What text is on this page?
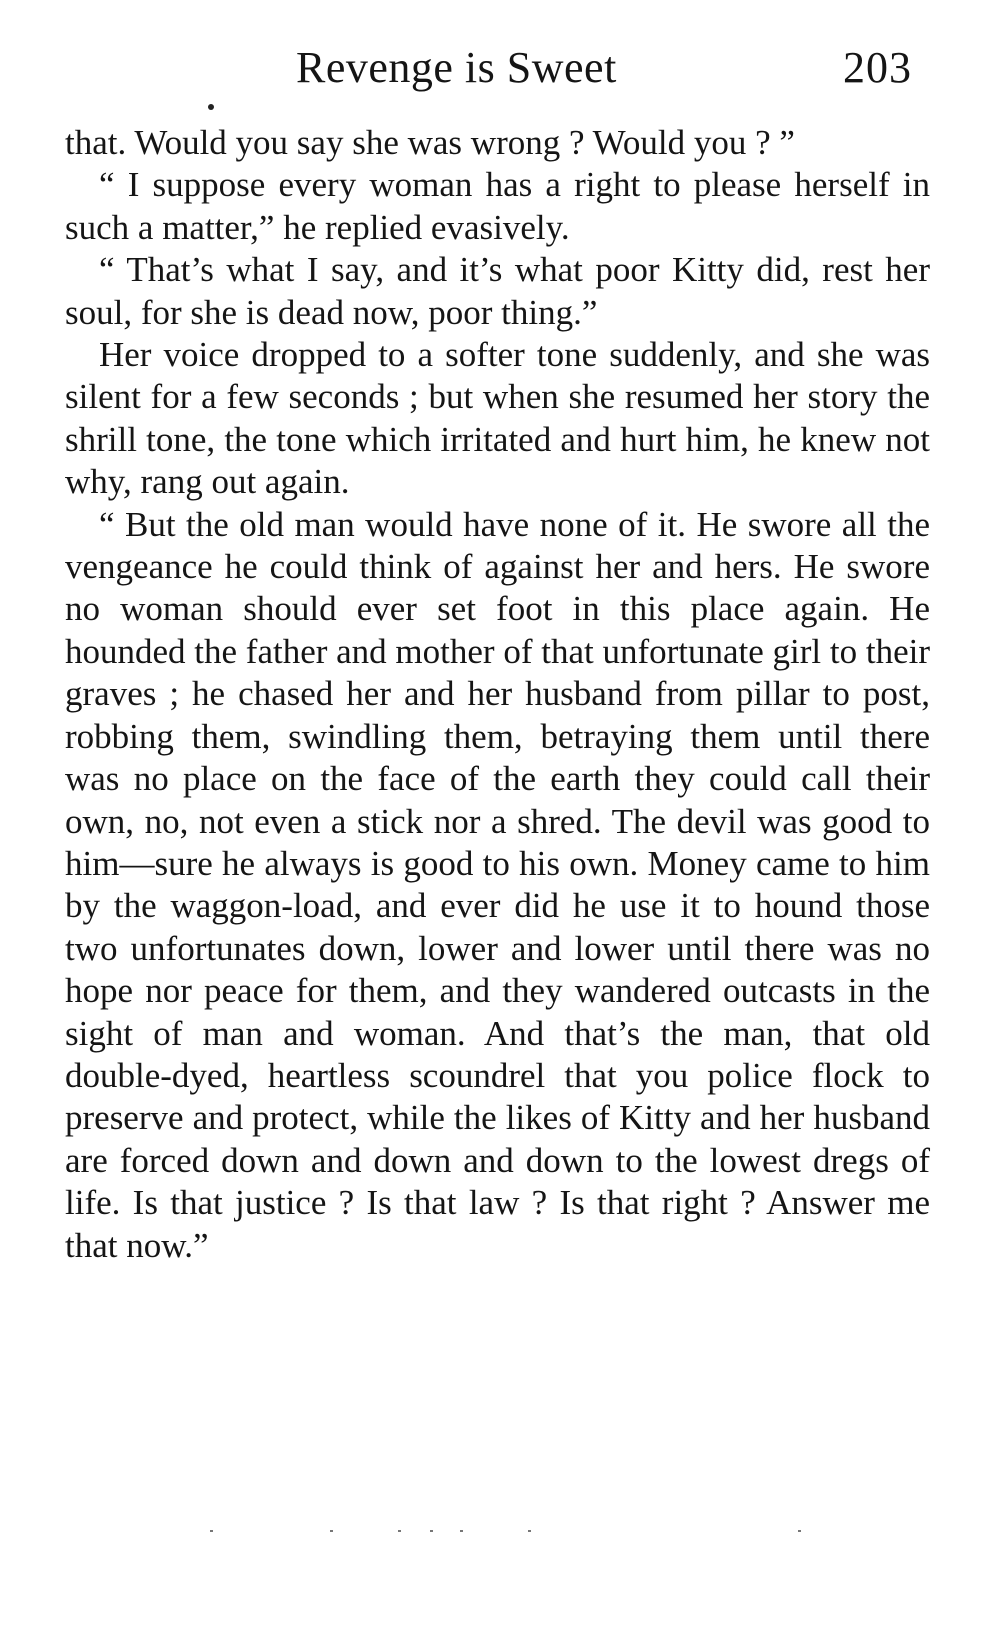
Revenge is Sweet	203

that. Would you say she was wrong ? Would you ? ”

“ I suppose every woman has a right to please herself in such a matter,” he replied evasively.

“ That’s what I say, and it’s what poor Kitty did, rest her soul, for she is dead now, poor thing.”

Her voice dropped to a softer tone suddenly, and she was silent for a few seconds ; but when she resumed her story the shrill tone, the tone which irritated and hurt him, he knew not why, rang out again.

“ But the old man would have none of it. He swore all the vengeance he could think of against her and hers. He swore no woman should ever set foot in this place again. He hounded the father and mother of that unfortunate girl to their graves ; he chased her and her husband from pillar to post, robbing them, swindling them, betraying them until there was no place on the face of the earth they could call their own, no, not even a stick nor a shred. The devil was good to him—sure he always is good to his own. Money came to him by the waggon-load, and ever did he use it to hound those two unfortunates down, lower and lower until there was no hope nor peace for them, and they wandered outcasts in the sight of man and woman. And that’s the man, that old double-dyed, heartless scoundrel that you police flock to preserve and protect, while the likes of Kitty and her husband are forced down and down and down to the lowest dregs of life. Is that justice ? Is that law ? Is that right ? Answer me that now.”
